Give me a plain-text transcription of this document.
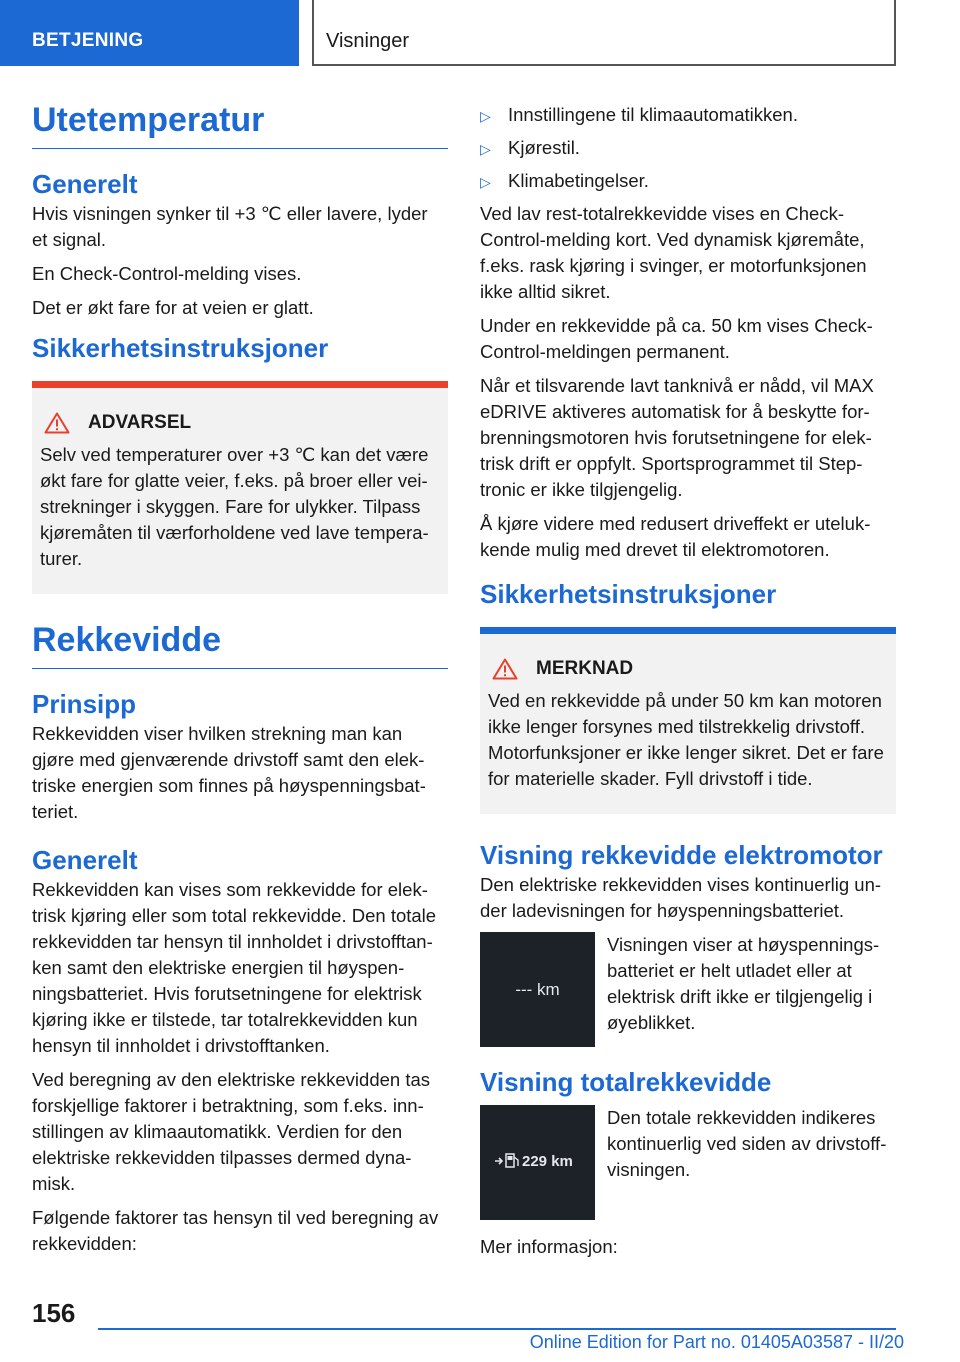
BETJENING	Visninger
Utetemperatur
Generelt

Hvis visningen synker til +3 ℃ eller lavere, lyder et signal.

En Check-Control-melding vises.

Det er økt fare for at veien er glatt.

Sikkerhetsinstruksjoner
ADVARSEL

Selv ved temperaturer over +3 ℃ kan det være økt fare for glatte veier, f.eks. på broer eller veistrekninger i skyggen. Fare for ulykker. Tilpass kjøremåten til værforholdene ved lave temperaturer.

Rekkevidde
Prinsipp

Rekkevidden viser hvilken strekning man kan gjøre med gjenværende drivstoff samt den elektriske energien som finnes på høyspenningsbatteriet.

Generelt

Rekkevidden kan vises som rekkevidde for elektrisk kjøring eller som total rekkevidde. Den totale rekkevidden tar hensyn til innholdet i drivstofftanken samt den elektriske energien til høyspenningsbatteriet. Hvis forutsetningene for elektrisk kjøring ikke er tilstede, tar totalrekkevidden kun hensyn til innholdet i drivstofftanken.

Ved beregning av den elektriske rekkevidden tas forskjellige faktorer i betraktning, som f.eks. innstillingen av klimaautomatikk. Verdien for den elektriske rekkevidden tilpasses dermed dynamisk.

Følgende faktorer tas hensyn til ved beregning av rekkevidden:

▷ Innstillingene til klimaautomatikken.
▷ Kjørestil.
▷ Klimabetingelser.

Ved lav rest-totalrekkevidde vises en Check-Control-melding kort. Ved dynamisk kjøremåte, f.eks. rask kjøring i svinger, er motorfunksjonen ikke alltid sikret.

Under en rekkevidde på ca. 50 km vises Check-Control-meldingen permanent.

Når et tilsvarende lavt tanknivå er nådd, vil MAX eDRIVE aktiveres automatisk for å beskytte forbrenningsmotoren hvis forutsetningene for elektrisk drift er oppfylt. Sportsprogrammet til Steptronic er ikke tilgjengelig.

Å kjøre videre med redusert driveffekt er utelukkende mulig med drevet til elektromotoren.

Sikkerhetsinstruksjoner
MERKNAD

Ved en rekkevidde på under 50 km kan motoren ikke lenger forsynes med tilstrekkelig drivstoff. Motorfunksjoner er ikke lenger sikret. Det er fare for materielle skader. Fyll drivstoff i tide.

Visning rekkevidde elektromotor

Den elektriske rekkevidden vises kontinuerlig under ladevisningen for høyspenningsbatteriet.

--- km

Visningen viser at høyspenningsbatteriet er helt utladet eller at elektrisk drift ikke er tilgjengelig i øyeblikket.

Visning totalrekkevidde
229 km

Den totale rekkevidden indikeres kontinuerlig ved siden av drivstoffvisningen.

Mer informasjon:

156
Online Edition for Part no. 01405A03587 - II/20
